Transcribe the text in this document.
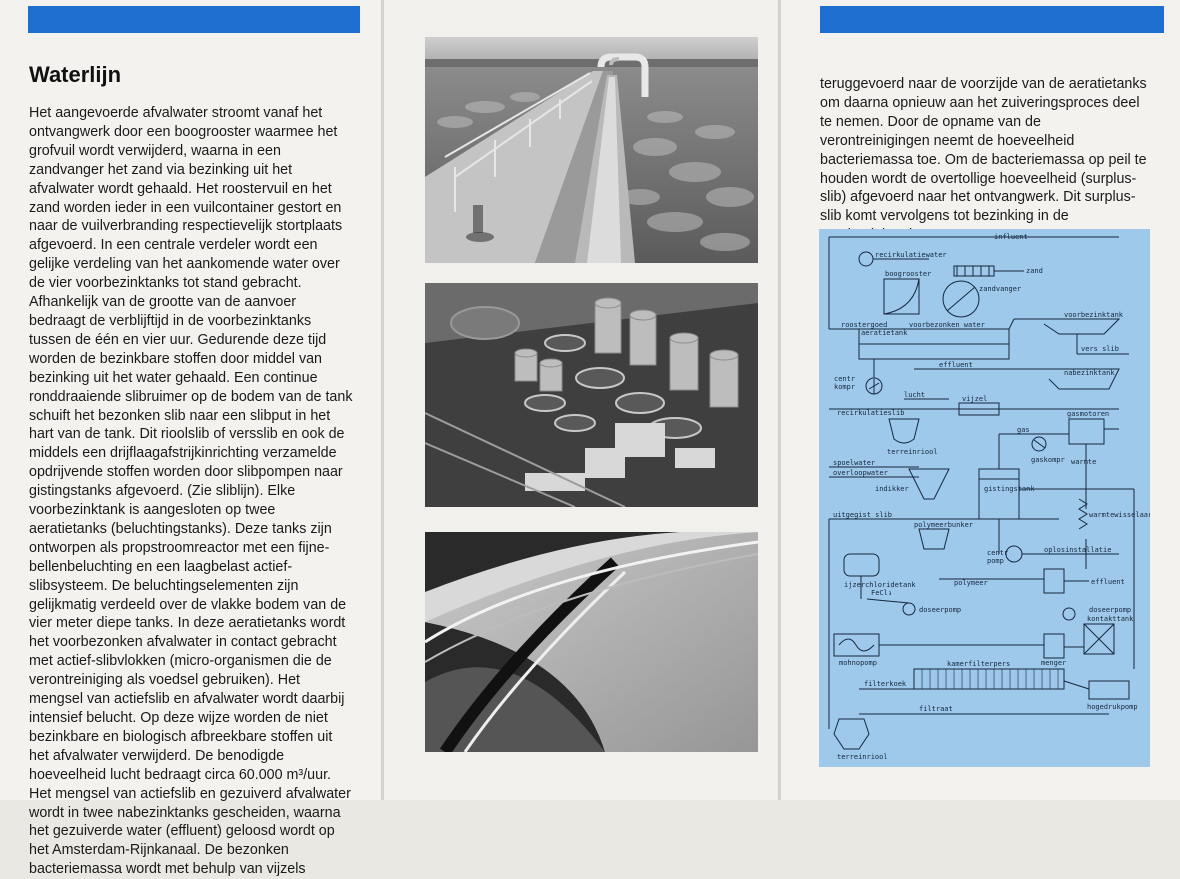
Waterlijn
Het aangevoerde afvalwater stroomt vanaf het
ontvangwerk door een boogrooster waarmee het
grofvuil wordt verwijderd, waarna in een
zandvanger het zand via bezinking uit het
afvalwater wordt gehaald. Het roostervuil en het
zand worden ieder in een vuilcontainer gestort en
naar de vuilverbranding respectievelijk stortplaats
afgevoerd. In een centrale verdeler wordt een
gelijke verdeling van het aankomende water over
de vier voorbezinktanks tot stand gebracht.
Afhankelijk van de grootte van de aanvoer
bedraagt de verblijftijd in de voorbezinktanks
tussen de één en vier uur. Gedurende deze tijd
worden de bezinkbare stoffen door middel van
bezinking uit het water gehaald. Een continue
ronddraaiende slibruimer op de bodem van de tank
schuift het bezonken slib naar een slibput in het
hart van de tank. Dit rioolslib of versslib en ook de
middels een drijflaagafstrijkinrichting verzamelde
opdrijvende stoffen worden door slibpompen naar
gistingstanks afgevoerd. (Zie sliblijn). Elke
voorbezinktank is aangesloten op twee
aeratietanks (beluchtingstanks). Deze tanks zijn
ontworpen als propstroomreactor met een fijne-
bellenbeluchting en een laagbelast actief-
slibsysteem. De beluchtingselementen zijn
gelijkmatig verdeeld over de vlakke bodem van de
vier meter diepe tanks. In deze aeratietanks wordt
het voorbezonken afvalwater in contact gebracht
met actief-slibvlokken (micro-organismen die de
verontreiniging als voedsel gebruiken). Het
mengsel van actiefslib en afvalwater wordt daarbij
intensief belucht. Op deze wijze worden de niet
bezinkbare en biologisch afbreekbare stoffen uit
het afvalwater verwijderd. De benodigde
hoeveelheid lucht bedraagt circa 60.000 m³/uur.
Het mengsel van actiefslib en gezuiverd afvalwater
wordt in twee nabezinktanks gescheiden, waarna
het gezuiverde water (effluent) geloosd wordt op
het Amsterdam-Rijnkanaal. De bezonken
bacteriemassa wordt met behulp van vijzels
teruggevoerd naar de voorzijde van de aeratietanks
om daarna opnieuw aan het zuiveringsproces deel
te nemen. Door de opname van de
verontreinigingen neemt de hoeveelheid
bacteriemassa toe. Om de bacteriemassa op peil te
houden wordt de overtollige hoeveelheid (surplus-
slib) afgevoerd naar het ontvangwerk. Dit surplus-
slib komt vervolgens tot bezinking in de

influent
recirkulatiewater
boogrooster	zand
zandvanger
voorbezinktank
roostergoed	voorbezonken water
aeratietank
vers slib
centr kompr
effluent
nabezinktank
lucht
recirkulatieslib
vijzel
gasmotoren
terreinriool
gas
gaskompr warmte
spoelwater
overloopwater
indikker	gistingstank
warmtewisselaar
uitgegist slib
polymeerbunker
centr pomp
oplosinstallatie
ijzerchloridetank	polymeer	effluent
FeCl₃
doseerpomp	doseerpomp
kontakttank
mohnopomp	menger
kamerfilterpers
filterkoek
hogedrukpomp
filtraat
terreinriool
